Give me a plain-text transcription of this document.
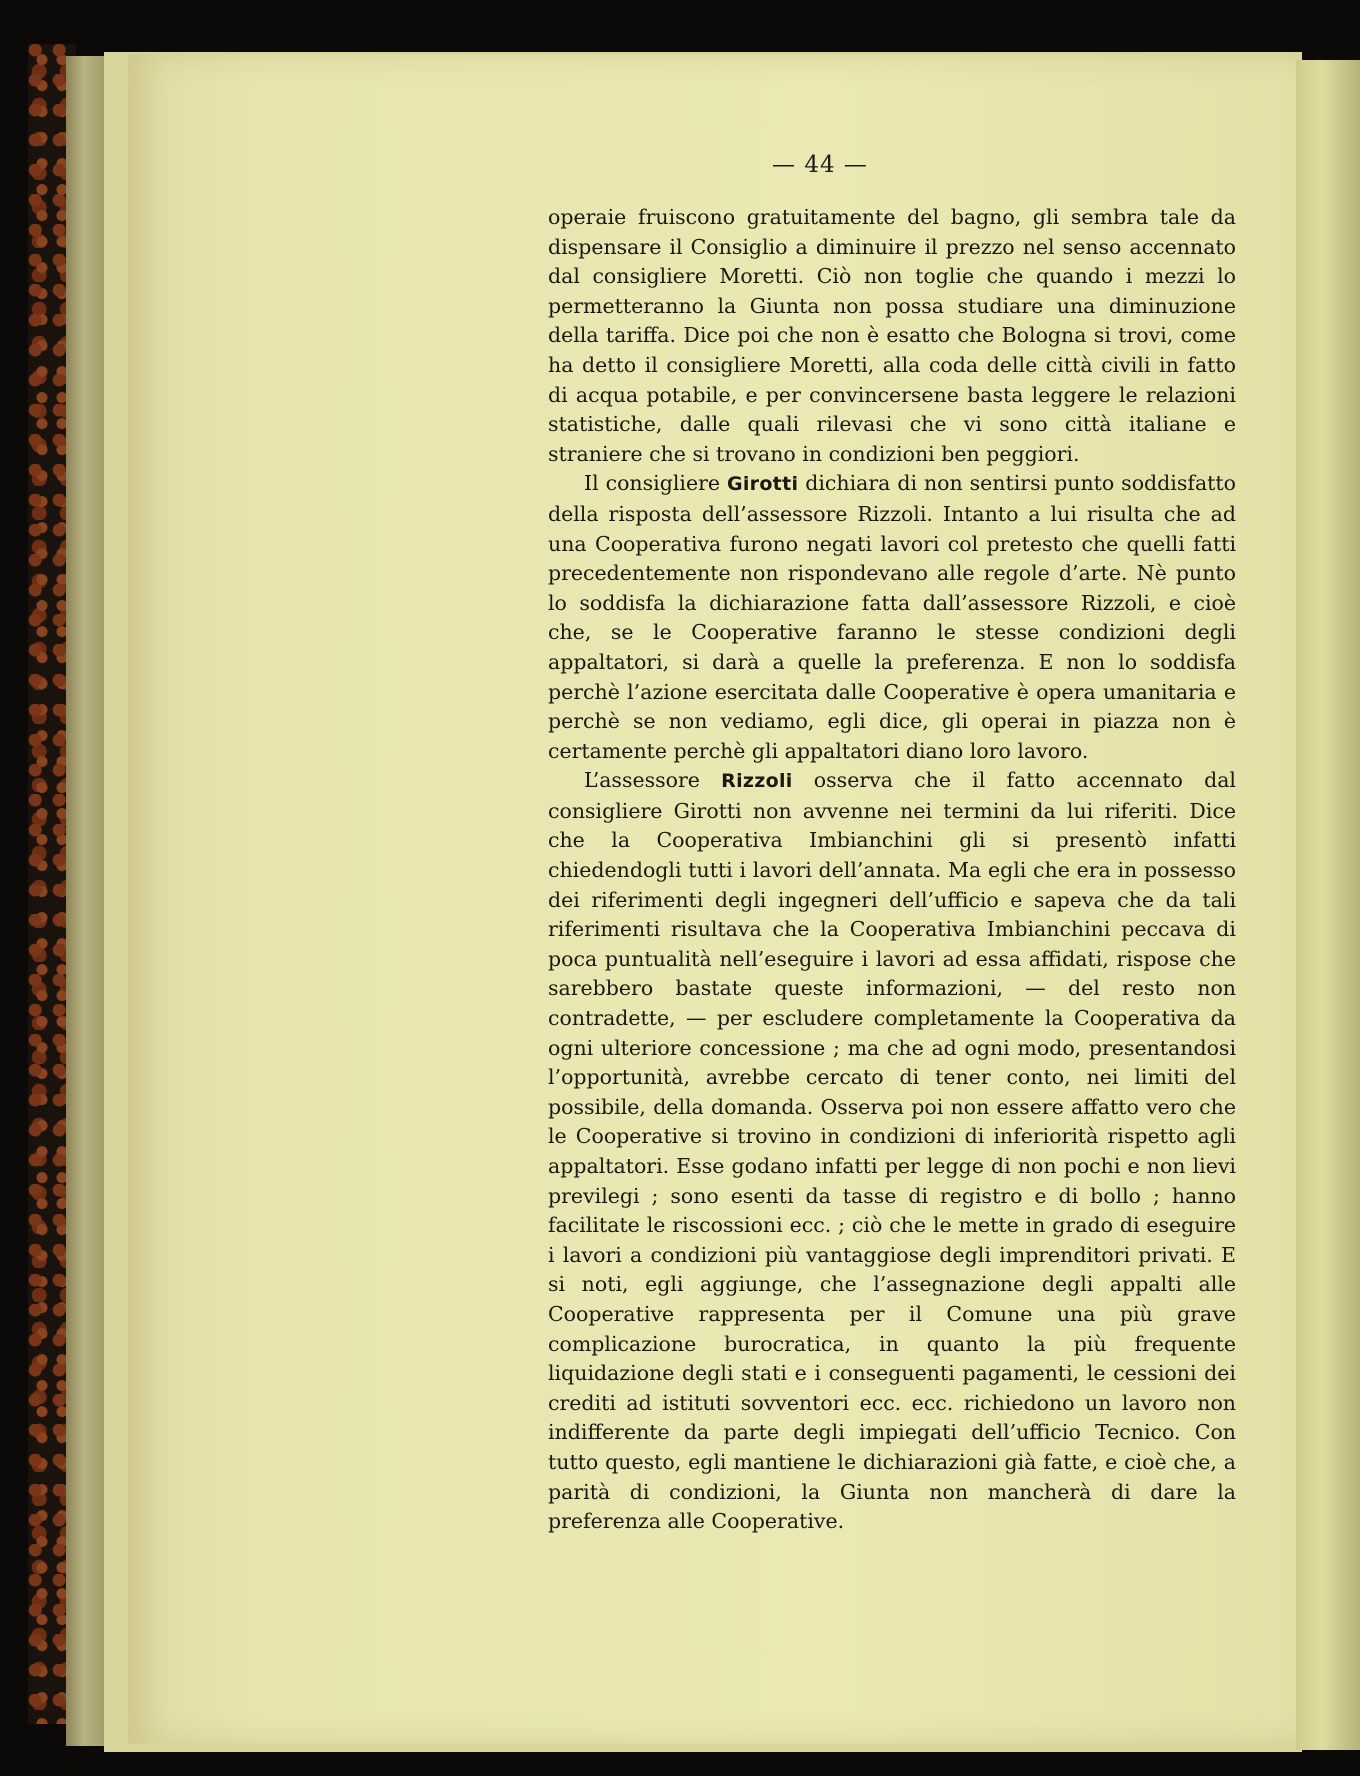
— 44 —

operaie fruiscono gratuitamente del bagno, gli sembra tale da dispensare il Consiglio a diminuire il prezzo nel senso accennato dal consigliere Moretti. Ciò non toglie che quando i mezzi lo permetteranno la Giunta non possa studiare una diminuzione della tariffa. Dice poi che non è esatto che Bologna si trovi, come ha detto il consigliere Moretti, alla coda delle città civili in fatto di acqua potabile, e per convincersene basta leggere le relazioni statistiche, dalle quali rilevasi che vi sono città italiane e straniere che si trovano in condizioni ben peggiori.

Il consigliere Girotti dichiara di non sentirsi punto soddisfatto della risposta dell’assessore Rizzoli. Intanto a lui risulta che ad una Cooperativa furono negati lavori col pretesto che quelli fatti precedentemente non rispondevano alle regole d’arte. Nè punto lo soddisfa la dichiarazione fatta dall’assessore Rizzoli, e cioè che, se le Cooperative faranno le stesse condizioni degli appaltatori, si darà a quelle la preferenza. E non lo soddisfa perchè l’azione esercitata dalle Cooperative è opera umanitaria e perchè se non vediamo, egli dice, gli operai in piazza non è certamente perchè gli appaltatori diano loro lavoro.

L’assessore Rizzoli osserva che il fatto accennato dal consigliere Girotti non avvenne nei termini da lui riferiti. Dice che la Cooperativa Imbianchini gli si presentò infatti chiedendogli tutti i lavori dell’annata. Ma egli che era in possesso dei riferimenti degli ingegneri dell’ufficio e sapeva che da tali riferimenti risultava che la Cooperativa Imbianchini peccava di poca puntualità nell’eseguire i lavori ad essa affidati, rispose che sarebbero bastate queste informazioni, — del resto non contradette, — per escludere completamente la Cooperativa da ogni ulteriore concessione ; ma che ad ogni modo, presentandosi l’opportunità, avrebbe cercato di tener conto, nei limiti del possibile, della domanda. Osserva poi non essere affatto vero che le Cooperative si trovino in condizioni di inferiorità rispetto agli appaltatori. Esse godano infatti per legge di non pochi e non lievi previlegi ; sono esenti da tasse di registro e di bollo ; hanno facilitate le riscossioni ecc. ; ciò che le mette in grado di eseguire i lavori a condizioni più vantaggiose degli imprenditori privati. E si noti, egli aggiunge, che l’assegnazione degli appalti alle Cooperative rappresenta per il Comune una più grave complicazione burocratica, in quanto la più frequente liquidazione degli stati e i conseguenti pagamenti, le cessioni dei crediti ad istituti sovventori ecc. ecc. richiedono un lavoro non indifferente da parte degli impiegati dell’ufficio Tecnico. Con tutto questo, egli mantiene le dichiarazioni già fatte, e cioè che, a parità di condizioni, la Giunta non mancherà di dare la preferenza alle Cooperative.
